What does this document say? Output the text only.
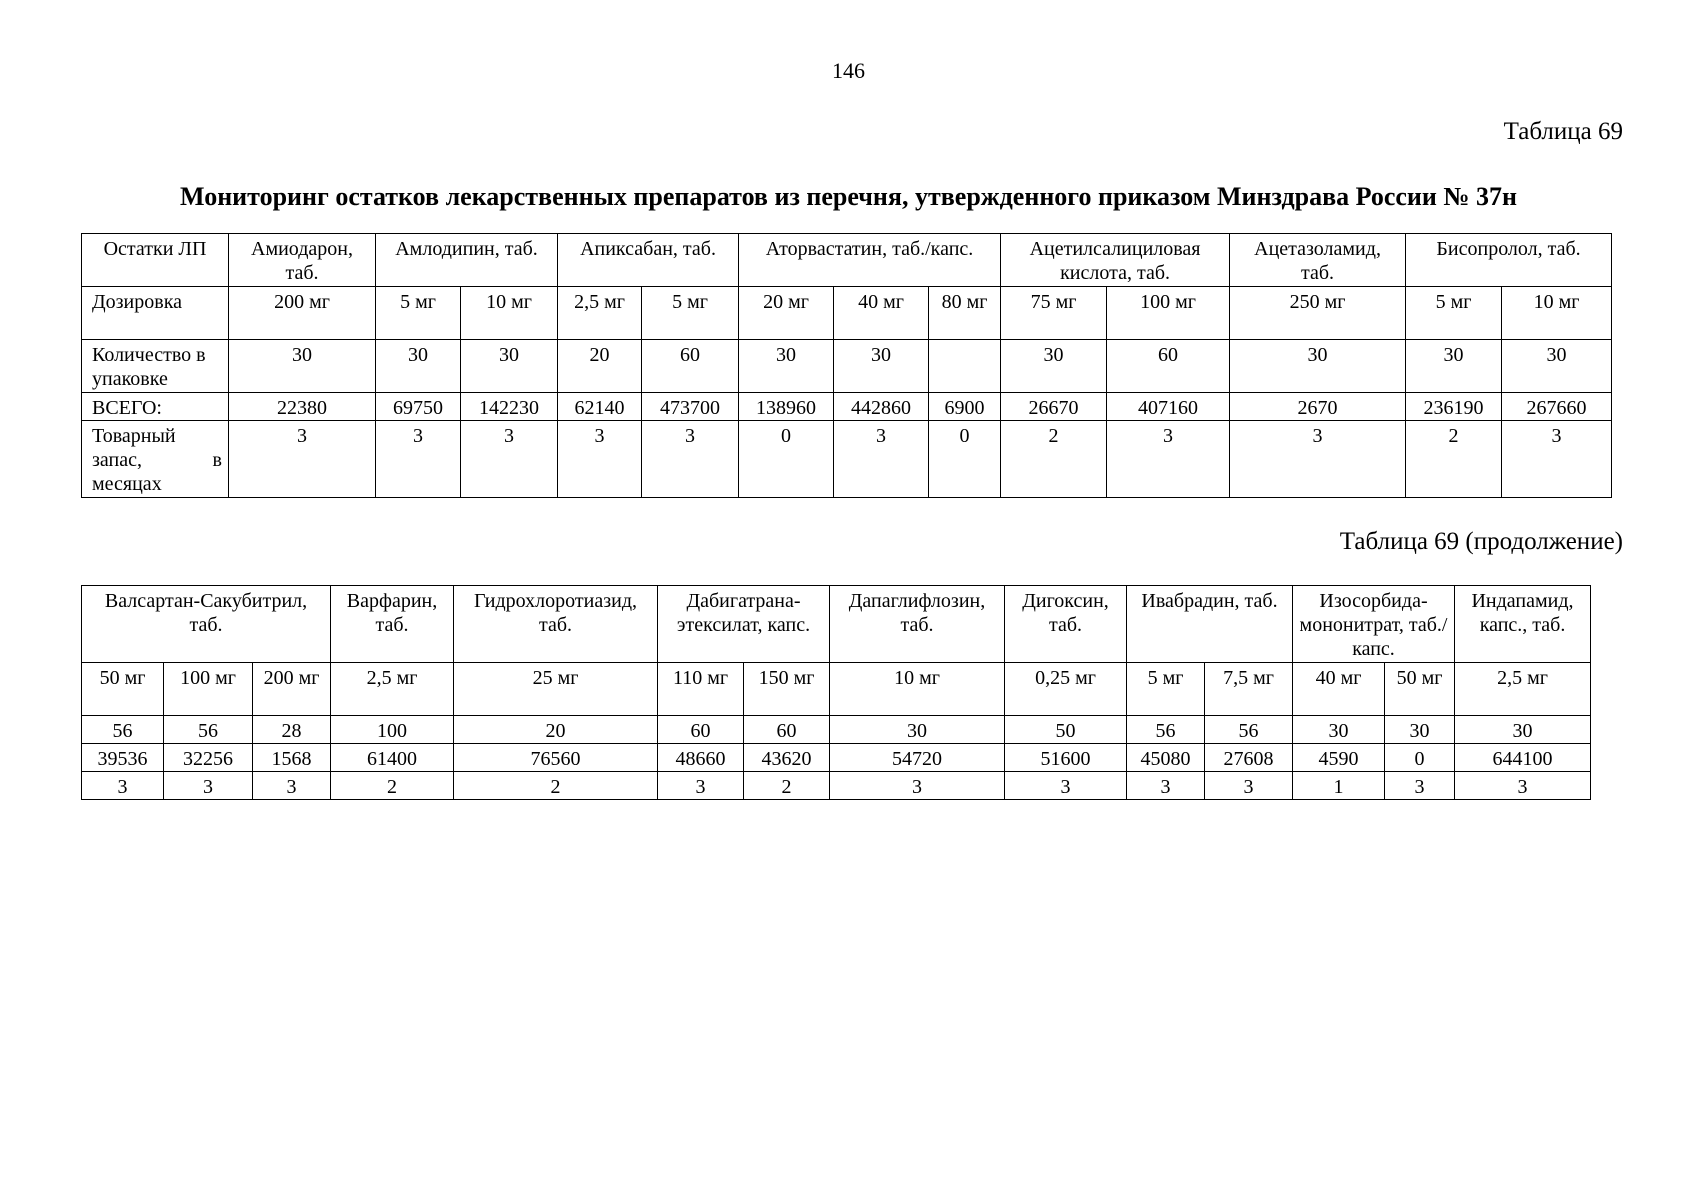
146
Таблица 69
Мониторинг остатков лекарственных препаратов из перечня, утвержденного приказом Минздрава России № 37н
Остатки ЛП	Амиодарон, таб.	Амлодипин, таб.		Апиксабан, таб.		Аторвастатин, таб./капс.			Ацетилсалициловая кислота, таб.		Ацетазоламид, таб.	Бисопролол, таб.	
Дозировка	200 мг	5 мг	10 мг	2,5 мг	5 мг	20 мг	40 мг	80 мг	75 мг	100 мг	250 мг	5 мг	10 мг
Количество в упаковке	30	30	30	20	60	30	30		30	60	30	30	30
ВСЕГО:	22380	69750	142230	62140	473700	138960	442860	6900	26670	407160	2670	236190	267660
Товарный запас, в месяцах	3	3	3	3	3	0	3	0	2	3	3	2	3
Таблица 69 (продолжение)
Валсартан-Сакубитрил, таб.			Варфарин, таб.	Гидрохлоротиазид, таб.	Дабигатрана-этексилат, капс.		Дапаглифлозин, таб.	Дигоксин, таб.	Ивабрадин, таб.		Изосорбида-мононитрат, таб./капс.		Индапамид, капс., таб.
50 мг	100 мг	200 мг	2,5 мг	25 мг	110 мг	150 мг	10 мг	0,25 мг	5 мг	7,5 мг	40 мг	50 мг	2,5 мг
56	56	28	100	20	60	60	30	50	56	56	30	30	30
39536	32256	1568	61400	76560	48660	43620	54720	51600	45080	27608	4590	0	644100
3	3	3	2	2	3	2	3	3	3	3	1	3	3
